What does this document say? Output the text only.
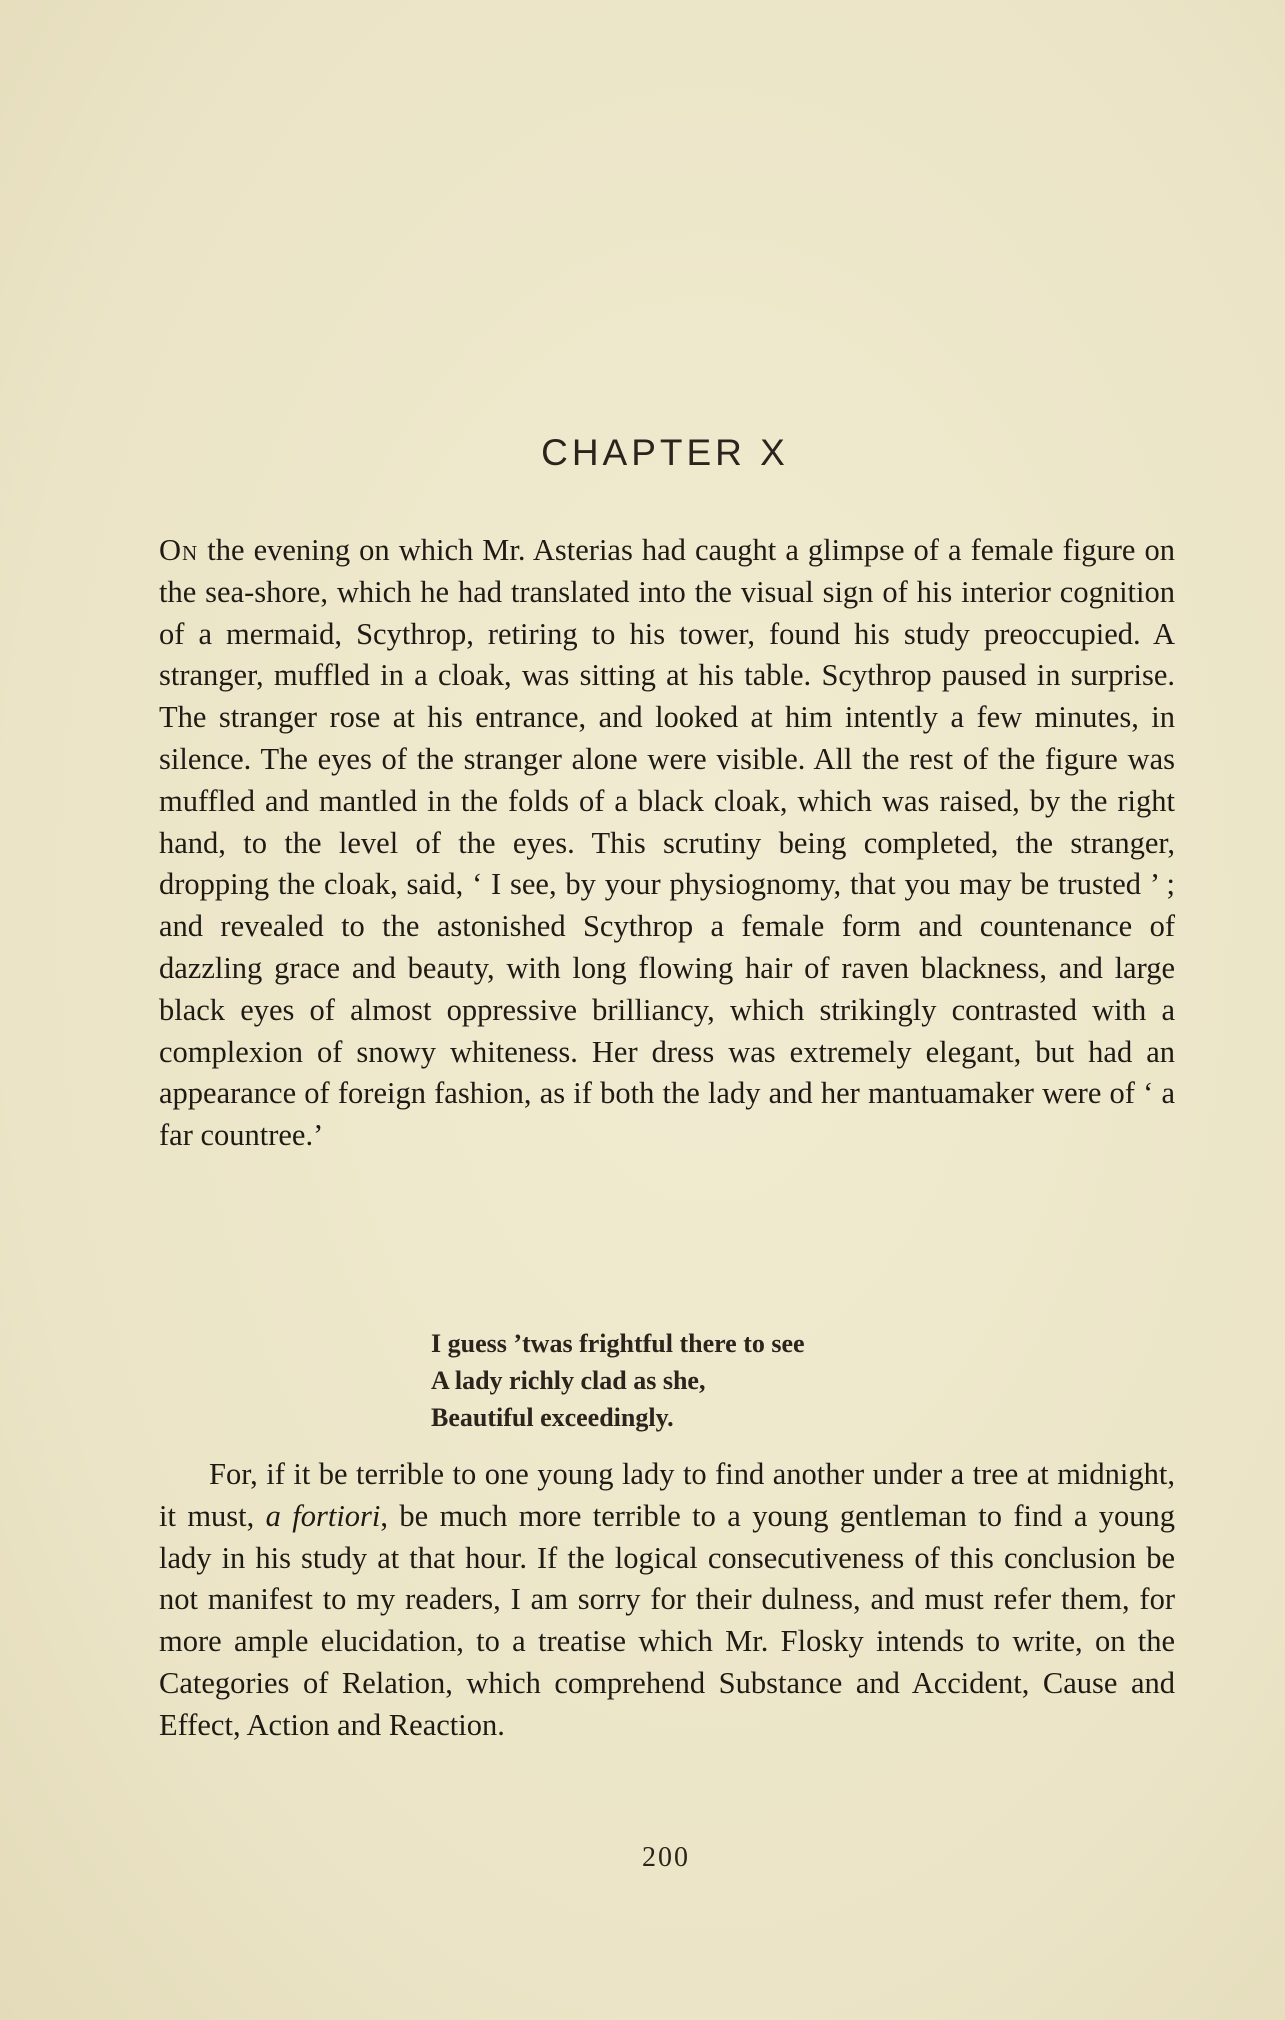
CHAPTER X

On the evening on which Mr. Asterias had caught a glimpse of a female figure on the sea-shore, which he had translated into the visual sign of his interior cognition of a mermaid, Scythrop, retiring to his tower, found his study preoccupied. A stranger, muffled in a cloak, was sitting at his table. Scythrop paused in surprise. The stranger rose at his entrance, and looked at him intently a few minutes, in silence. The eyes of the stranger alone were visible. All the rest of the figure was muffled and mantled in the folds of a black cloak, which was raised, by the right hand, to the level of the eyes. This scrutiny being completed, the stranger, dropping the cloak, said, ‘ I see, by your physiognomy, that you may be trusted ’ ; and revealed to the astonished Scythrop a female form and countenance of dazzling grace and beauty, with long flowing hair of raven blackness, and large black eyes of almost oppressive brilliancy, which strikingly contrasted with a complexion of snowy whiteness. Her dress was extremely elegant, but had an appearance of foreign fashion, as if both the lady and her mantuamaker were of ‘ a far countree.’

I guess ’twas frightful there to see
A lady richly clad as she,
Beautiful exceedingly.

For, if it be terrible to one young lady to find another under a tree at midnight, it must, a fortiori, be much more terrible to a young gentleman to find a young lady in his study at that hour. If the logical consecutiveness of this conclusion be not manifest to my readers, I am sorry for their dulness, and must refer them, for more ample elucidation, to a treatise which Mr. Flosky intends to write, on the Categories of Relation, which comprehend Substance and Accident, Cause and Effect, Action and Reaction.

200
